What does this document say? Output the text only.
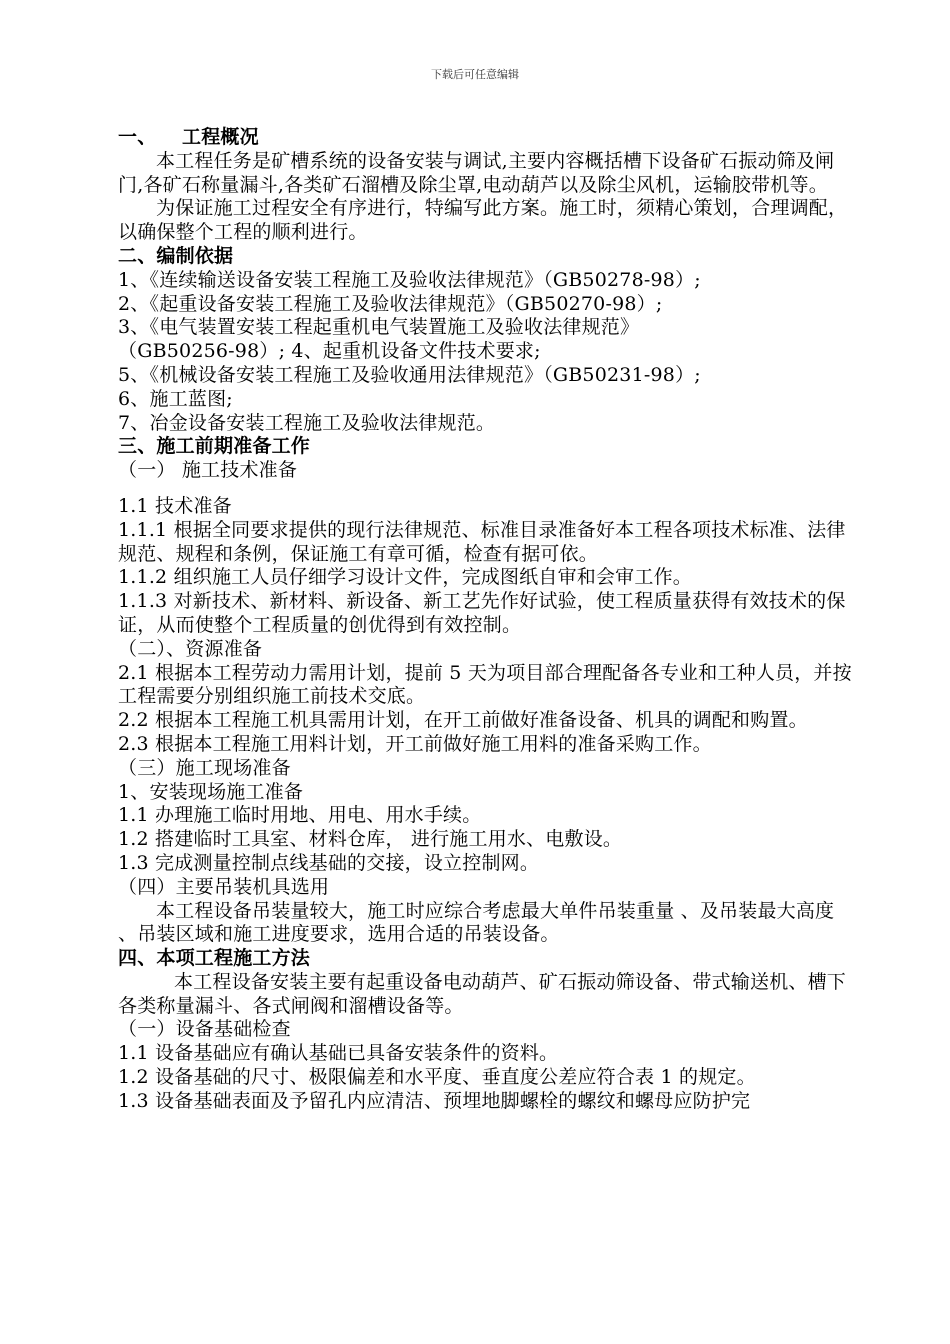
下载后可任意编辑

一、 工程概况

本工程任务是矿槽系统的设备安装与调试,主要内容概括槽下设备矿石振动筛及闸门,各矿石称量漏斗,各类矿石溜槽及除尘罩,电动葫芦以及除尘风机，运输胶带机等。

为保证施工过程安全有序进行，特编写此方案。施工时，须精心策划，合理调配，以确保整个工程的顺利进行。

二、编制依据

1、《连续输送设备安装工程施工及验收法律规范》（GB50278-98）;

2、《起重设备安装工程施工及验收法律规范》（GB50270-98）;

3、《电气装置安装工程起重机电气装置施工及验收法律规范》

（GB50256-98）; 4、起重机设备文件技术要求;

5、《机械设备安装工程施工及验收通用法律规范》（GB50231-98）;

6、施工蓝图;

7、冶金设备安装工程施工及验收法律规范。

三、施工前期准备工作

（一） 施工技术准备

1.1 技术准备

1.1.1 根据全同要求提供的现行法律规范、标准目录准备好本工程各项技术标准、法律规范、规程和条例，保证施工有章可循，检查有据可依。

1.1.2 组织施工人员仔细学习设计文件，完成图纸自审和会审工作。

1.1.3 对新技术、新材料、新设备、新工艺先作好试验，使工程质量获得有效技术的保证，从而使整个工程质量的创优得到有效控制。

（二）、资源准备

2.1 根据本工程劳动力需用计划，提前 5 天为项目部合理配备各专业和工种人员，并按工程需要分别组织施工前技术交底。

2.2 根据本工程施工机具需用计划，在开工前做好准备设备、机具的调配和购置。

2.3 根据本工程施工用料计划，开工前做好施工用料的准备采购工作。

（三）施工现场准备

1、安装现场施工准备

1.1 办理施工临时用地、用电、用水手续。

1.2 搭建临时工具室、材料仓库， 进行施工用水、电敷设。

1.3 完成测量控制点线基础的交接，设立控制网。

（四）主要吊装机具选用

本工程设备吊装量较大，施工时应综合考虑最大单件吊装重量 、及吊装最大高度 、吊装区域和施工进度要求，选用合适的吊装设备。

四、本项工程施工方法

本工程设备安装主要有起重设备电动葫芦、矿石振动筛设备、带式输送机、槽下各类称量漏斗、各式闸阀和溜槽设备等。

（一）设备基础检查

1.1 设备基础应有确认基础已具备安装条件的资料。

1.2 设备基础的尺寸、极限偏差和水平度、垂直度公差应符合表 1 的规定。

1.3 设备基础表面及予留孔内应清洁、预埋地脚螺栓的螺纹和螺母应防护完
